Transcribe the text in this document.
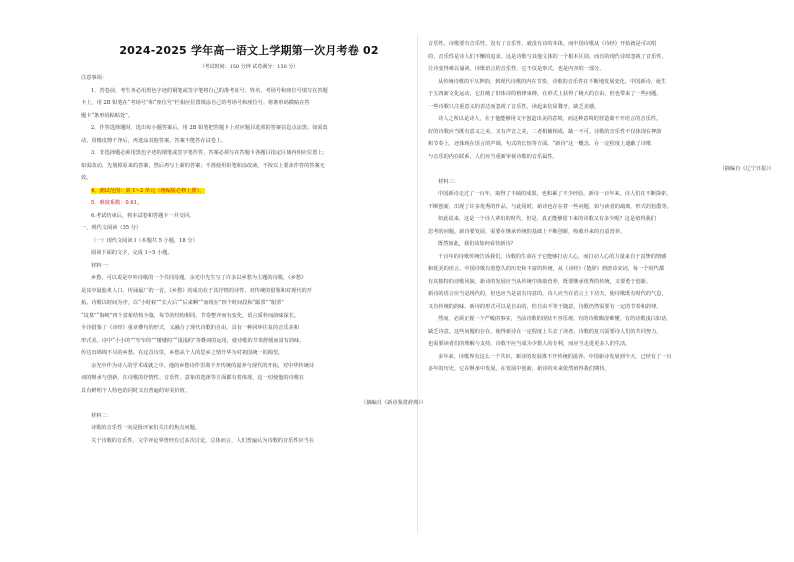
2024-2025 学年高一语文上学期第一次月考卷 02
（考试时间：150 分钟 试卷满分：150 分）

注意事项：

1．答卷前，考生务必用黑色字迹的钢笔或签字笔将自己的准考证号、姓名、考场号和座位号填写在答题

卡上，用 2B 铅笔在“考场号”和“座位号”栏相应位置填涂自己的考场号和座位号。将条形码横贴在答

题卡“条形码粘贴处”。

2．作答选择题时，选出每小题答案后，用 2B 铅笔把答题卡上对应题目选项的答案信息点涂黑；如需改

动，用橡皮擦干净后，再选涂其他答案。答案不能答在试卷上。

3．非选择题必须用黑色字迹的钢笔或签字笔作答，答案必须写在答题卡各题目指定区域内相应位置上；

如需改动，先划掉原来的答案，然后再写上新的答案；不准使用铅笔和涂改液。不按以上要求作答的答案无

效。

4．测试范围：第 1~2 单元（统编版必修上册）。

5．难度系数：0.61。

6.考试结束后，将本试卷和答题卡一并交回。

一、现代文阅读（35 分）

（一）现代文阅读 I（本题共 5 小题，18 分）

阅读下面的文字，完成 1~5 小题。

材料一：

乡愁，可以说是中外诗歌的一个共同母题。余光中先生写了许多以乡愁为主题的诗歌，《乡愁》

是其中最脍炙人口、传诵最广的一首。《乡愁》的成功在于其抒情的诗性、对传统的借鉴和对现代的开

拓。诗歌以时间为序，以“小时候”“长大后”“后来啊”“而现在”四个时间段和“邮票”“船票”

“坟墓”“海峡”四个意象结构全篇，每节的结构相同，节奏整齐而有变化，语言质朴而韵味深长。

全诗借鉴了《诗经》重章叠句的形式，又融合了现代诗歌的自由，具有一种回环往复的音乐美和

形式美。诗中“小小的”“窄窄的”“矮矮的”“浅浅的”等叠词的运用，使诗歌的节奏舒缓而富有韵味，

传达出绵绵不尽的乡愁。在这首诗里，乡愁从个人的思乡之情升华为对祖国统一的渴望。

余光中作为诗人的学术成就之中，他的乡愁诗作里离不开传统的滋养与现代的开拓，对中华传统诗

词的继承与创新，在诗歌的抒情性、音乐性、意象的选择等方面都有着体现，这一切使他的诗歌在

具有鲜明个人特色的同时又有普遍的审美价值。

（摘编自《新诗鉴赏辞典》）

材料二：

诗歌的音乐性一向是批评家们关注的焦点问题。

关于诗歌的音乐性，文学评论界曾经有过多次讨论，总体而言，人们普遍认为诗歌的音乐性应当在

音乐性。诗歌要有音乐性，没有了音乐性，就没有诗的本体。而中国诗歌从《诗经》开始就是可以唱

的，音乐性是诗人们不懈的追求。这是诗歌与其他文体的一个根本区别。而有的现代诗却忽视了音乐性，

让诗变得难以诵读。诗歌语言的音乐性，它不仅是形式，也是内容的一部分。

从传统诗歌的平仄押韵，到现代诗歌的内在节奏，诗歌的音乐性在不断地发展变化。中国新诗，诞生

于五四新文化运动，它打破了旧体诗的格律束缚，在形式上获得了极大的自由，但也带来了一些问题。

一些诗歌只注重意义的表达而忽视了音乐性，读起来佶屈聱牙，缺乏美感。

诗人之所以是诗人，在于他能够用文字创造出美的意境，而这种意境的营造离不开语言的音乐性。

好的诗歌应当既有意义之美，又有声音之美，二者相辅相成，缺一不可。诗歌的音乐性不仅体现在押韵

和节奏上，还体现在语言的声调、句式的长短等方面。“新诗”这一概念，在一定程度上遮蔽了诗歌

与音乐的内在联系，人们应当重新审视诗歌的音乐属性。

（摘编自《辽宁日报》）

材料三：

中国新诗走过了一百年，取得了丰硕的成果，也积累了不少经验。新诗一百年来，诗人们在不断探索，

不断创新，出现了许多优秀的作品。与此同时，新诗也存在着一些问题，如与读者的疏离、形式的松散等。

如此说来，这是一个诗人辈出的时代。但是，真正能够留下来的诗歌又有多少呢？这是值得我们

思考的问题。新诗要发展，需要在继承传统的基础上不断创新，吸收外来的有益营养。

既然如此，我们该如何看待新诗？

千百年的诗歌传统告诉我们，诗歌的生命在于它能够打动人心，而打动人心的力量来自于真挚的情感

和优美的语言。中国诗歌有着悠久的历史和丰富的传统，从《诗经》《楚辞》到唐诗宋词，每一个时代都

有其独特的诗歌风貌。新诗的发展应当从传统中汲取营养，既要继承优秀的传统，又要勇于创新。

新诗的语言应当是现代的，但也应当是富有诗意的。诗人应当在语言上下功夫，使诗歌既有时代的气息，

又有传统的韵味。新诗的形式可以是自由的，但自由不等于随意，诗歌仍然需要有一定的节奏和韵律。

然而，必须正视一个严峻的事实，当前诗歌的现状不容乐观。有的诗歌晦涩难懂，有的诗歌浅白如话，

缺乏诗意。这些问题的存在，使得新诗在一定程度上失去了读者。诗歌的复兴需要诗人们的共同努力，

也需要读者们的理解与支持。诗歌不应当成为少数人的专利，而应当走进更多人的生活。

多年来，诗歌界有这么一个共识，新诗的发展离不开传统的滋养。中国新诗发展到今天，已经有了一百

多年的历史，它在继承中发展，在发展中创新，新诗的未来依然值得我们期待。
